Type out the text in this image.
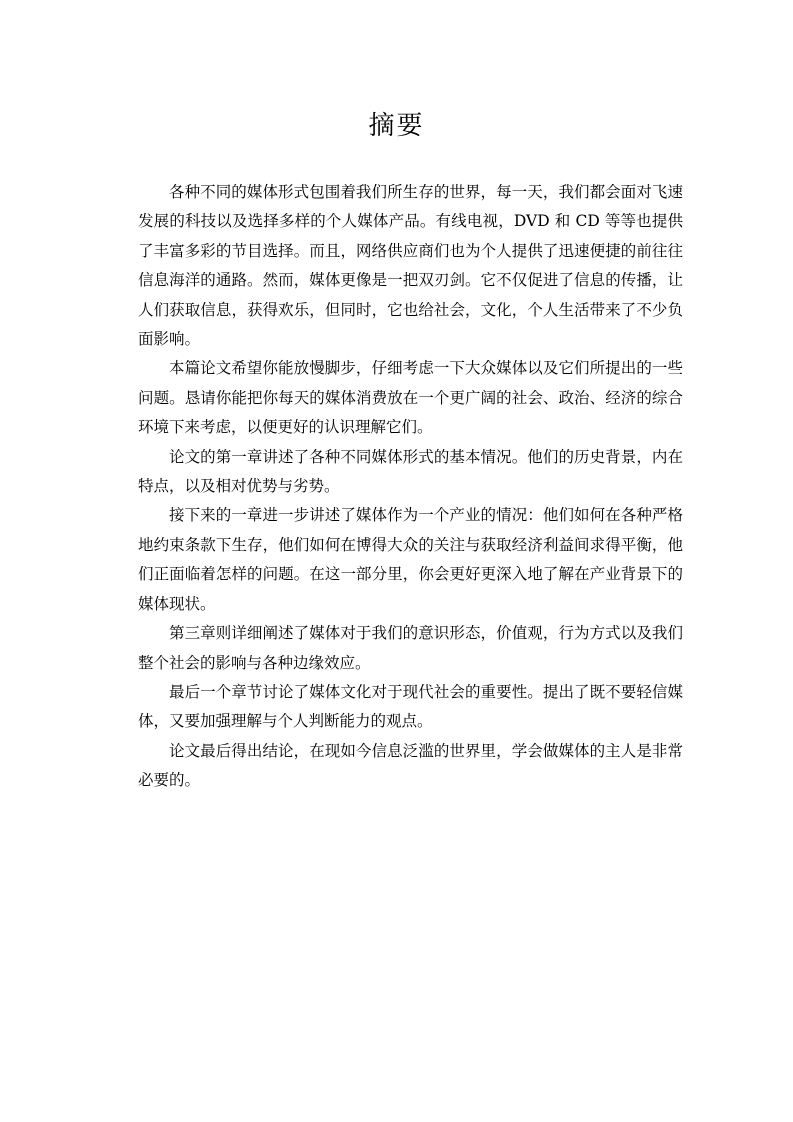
摘要

各种不同的媒体形式包围着我们所生存的世界，每一天，我们都会面对飞速发展的科技以及选择多样的个人媒体产品。有线电视，DVD 和 CD 等等也提供了丰富多彩的节目选择。而且，网络供应商们也为个人提供了迅速便捷的前往往信息海洋的通路。然而，媒体更像是一把双刃剑。它不仅促进了信息的传播，让人们获取信息，获得欢乐，但同时，它也给社会，文化，个人生活带来了不少负面影响。

本篇论文希望你能放慢脚步，仔细考虑一下大众媒体以及它们所提出的一些问题。恳请你能把你每天的媒体消费放在一个更广阔的社会、政治、经济的综合环境下来考虑，以便更好的认识理解它们。

论文的第一章讲述了各种不同媒体形式的基本情况。他们的历史背景，内在特点，以及相对优势与劣势。

接下来的一章进一步讲述了媒体作为一个产业的情况：他们如何在各种严格地约束条款下生存，他们如何在博得大众的关注与获取经济利益间求得平衡，他们正面临着怎样的问题。在这一部分里，你会更好更深入地了解在产业背景下的媒体现状。

第三章则详细阐述了媒体对于我们的意识形态，价值观，行为方式以及我们整个社会的影响与各种边缘效应。

最后一个章节讨论了媒体文化对于现代社会的重要性。提出了既不要轻信媒体，又要加强理解与个人判断能力的观点。

论文最后得出结论，在现如今信息泛滥的世界里，学会做媒体的主人是非常必要的。
